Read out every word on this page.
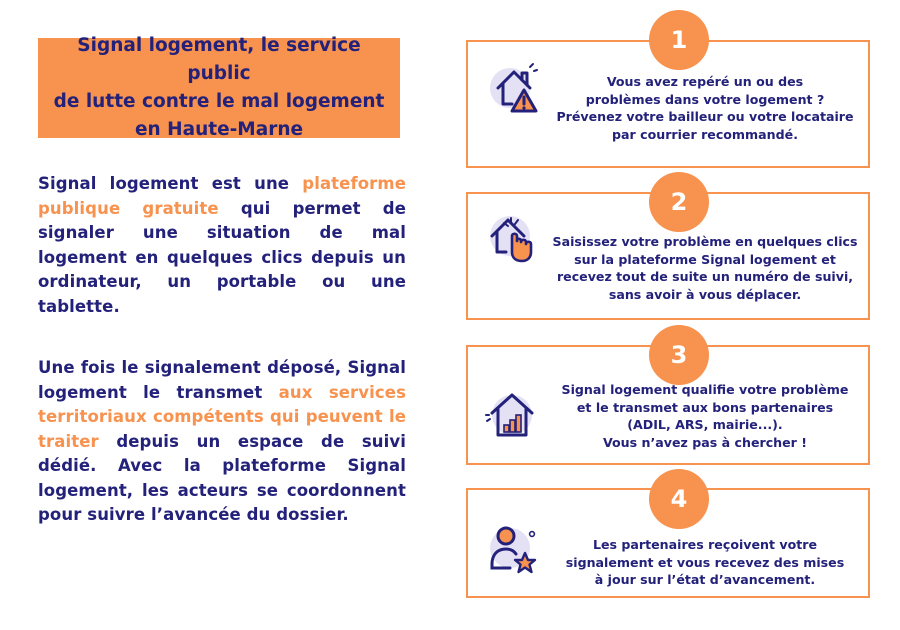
Signal logement, le service public
de lutte contre le mal logement
en Haute-Marne

Signal logement est une plateforme publique gratuite qui permet de signaler une situation de mal logement en quelques clics depuis un ordinateur, un portable ou une tablette.

Une fois le signalement déposé, Signal logement le transmet aux services territoriaux compétents qui peuvent le traiter depuis un espace de suivi dédié. Avec la plateforme Signal logement, les acteurs se coordonnent pour suivre l’avancée du dossier.

1
2
3
4
Vous avez repéré un ou des
problèmes dans votre logement ?
Prévenez votre bailleur ou votre locataire
par courrier recommandé.
Saisissez votre problème en quelques clics
sur la plateforme Signal logement et
recevez tout de suite un numéro de suivi,
sans avoir à vous déplacer.
Signal logement qualifie votre problème
et le transmet aux bons partenaires
(ADIL, ARS, mairie...).
Vous n’avez pas à chercher !
Les partenaires reçoivent votre
signalement et vous recevez des mises
à jour sur l’état d’avancement.
